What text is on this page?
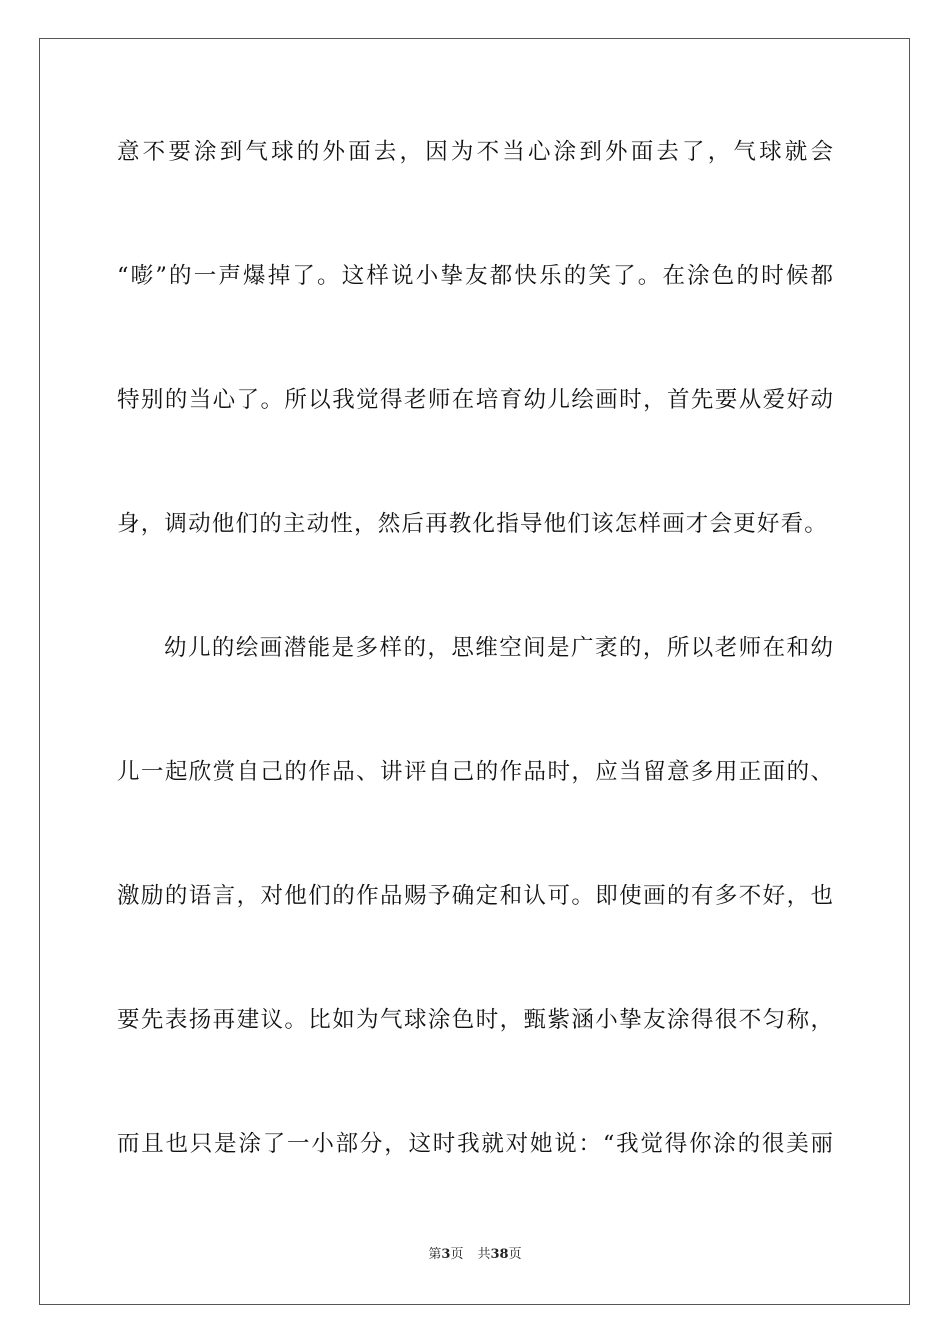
意不要涂到气球的外面去，因为不当心涂到外面去了，气球就会
“嘭”的一声爆掉了。这样说小挚友都快乐的笑了。在涂色的时候都
特别的当心了。所以我觉得老师在培育幼儿绘画时，首先要从爱好动
身，调动他们的主动性，然后再教化指导他们该怎样画才会更好看。
幼儿的绘画潜能是多样的，思维空间是广袤的，所以老师在和幼
儿一起欣赏自己的作品、讲评自己的作品时，应当留意多用正面的、
激励的语言，对他们的作品赐予确定和认可。即使画的有多不好，也
要先表扬再建议。比如为气球涂色时，甄紫涵小挚友涂得很不匀称，
而且也只是涂了一小部分，这时我就对她说：“我觉得你涂的很美丽
第3页 共38页
